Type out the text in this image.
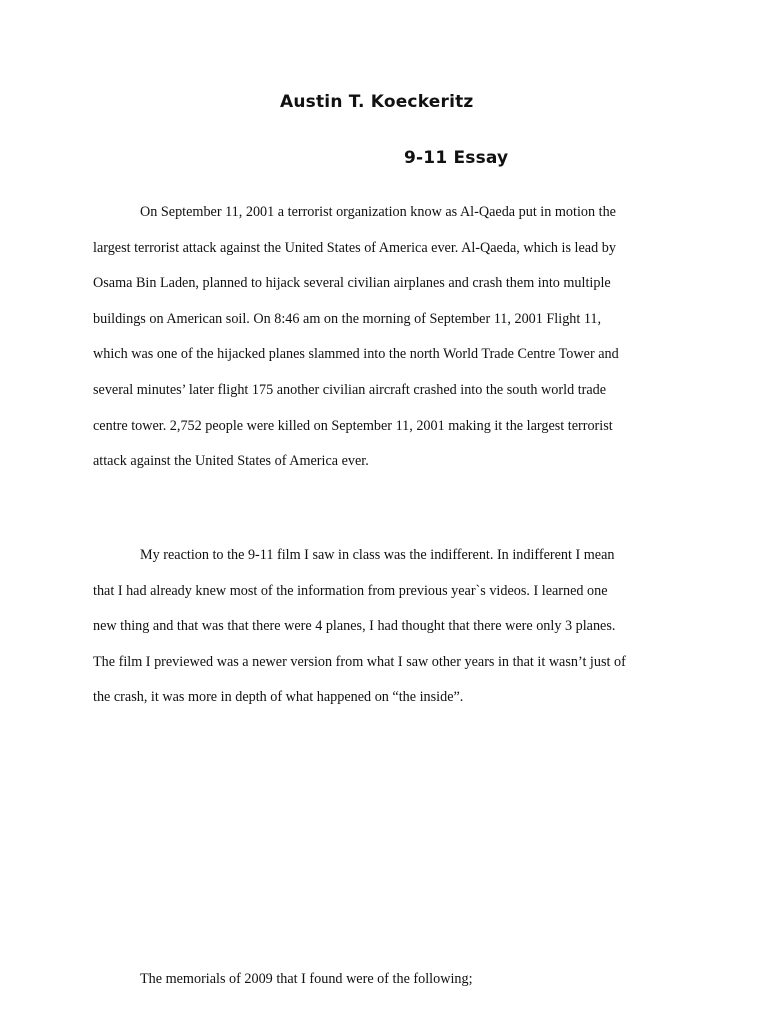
Austin T. Koeckeritz
9-11 Essay
On September 11, 2001 a terrorist organization know as Al-Qaeda put in motion the
largest terrorist attack against the United States of America ever. Al-Qaeda, which is lead by
Osama Bin Laden, planned to hijack several civilian airplanes and crash them into multiple
buildings on American soil. On 8:46 am on the morning of September 11, 2001 Flight 11,
which was one of the hijacked planes slammed into the north World Trade Centre Tower and
several minutes’ later flight 175 another civilian aircraft crashed into the south world trade
centre tower. 2,752 people were killed on September 11, 2001 making it the largest terrorist
attack against the United States of America ever.
My reaction to the 9-11 film I saw in class was the indifferent. In indifferent I mean
that I had already knew most of the information from previous year`s videos. I learned one
new thing and that was that there were 4 planes, I had thought that there were only 3 planes.
The film I previewed was a newer version from what I saw other years in that it wasn’t just of
the crash, it was more in depth of what happened on “the inside”.
The memorials of 2009 that I found were of the following;
